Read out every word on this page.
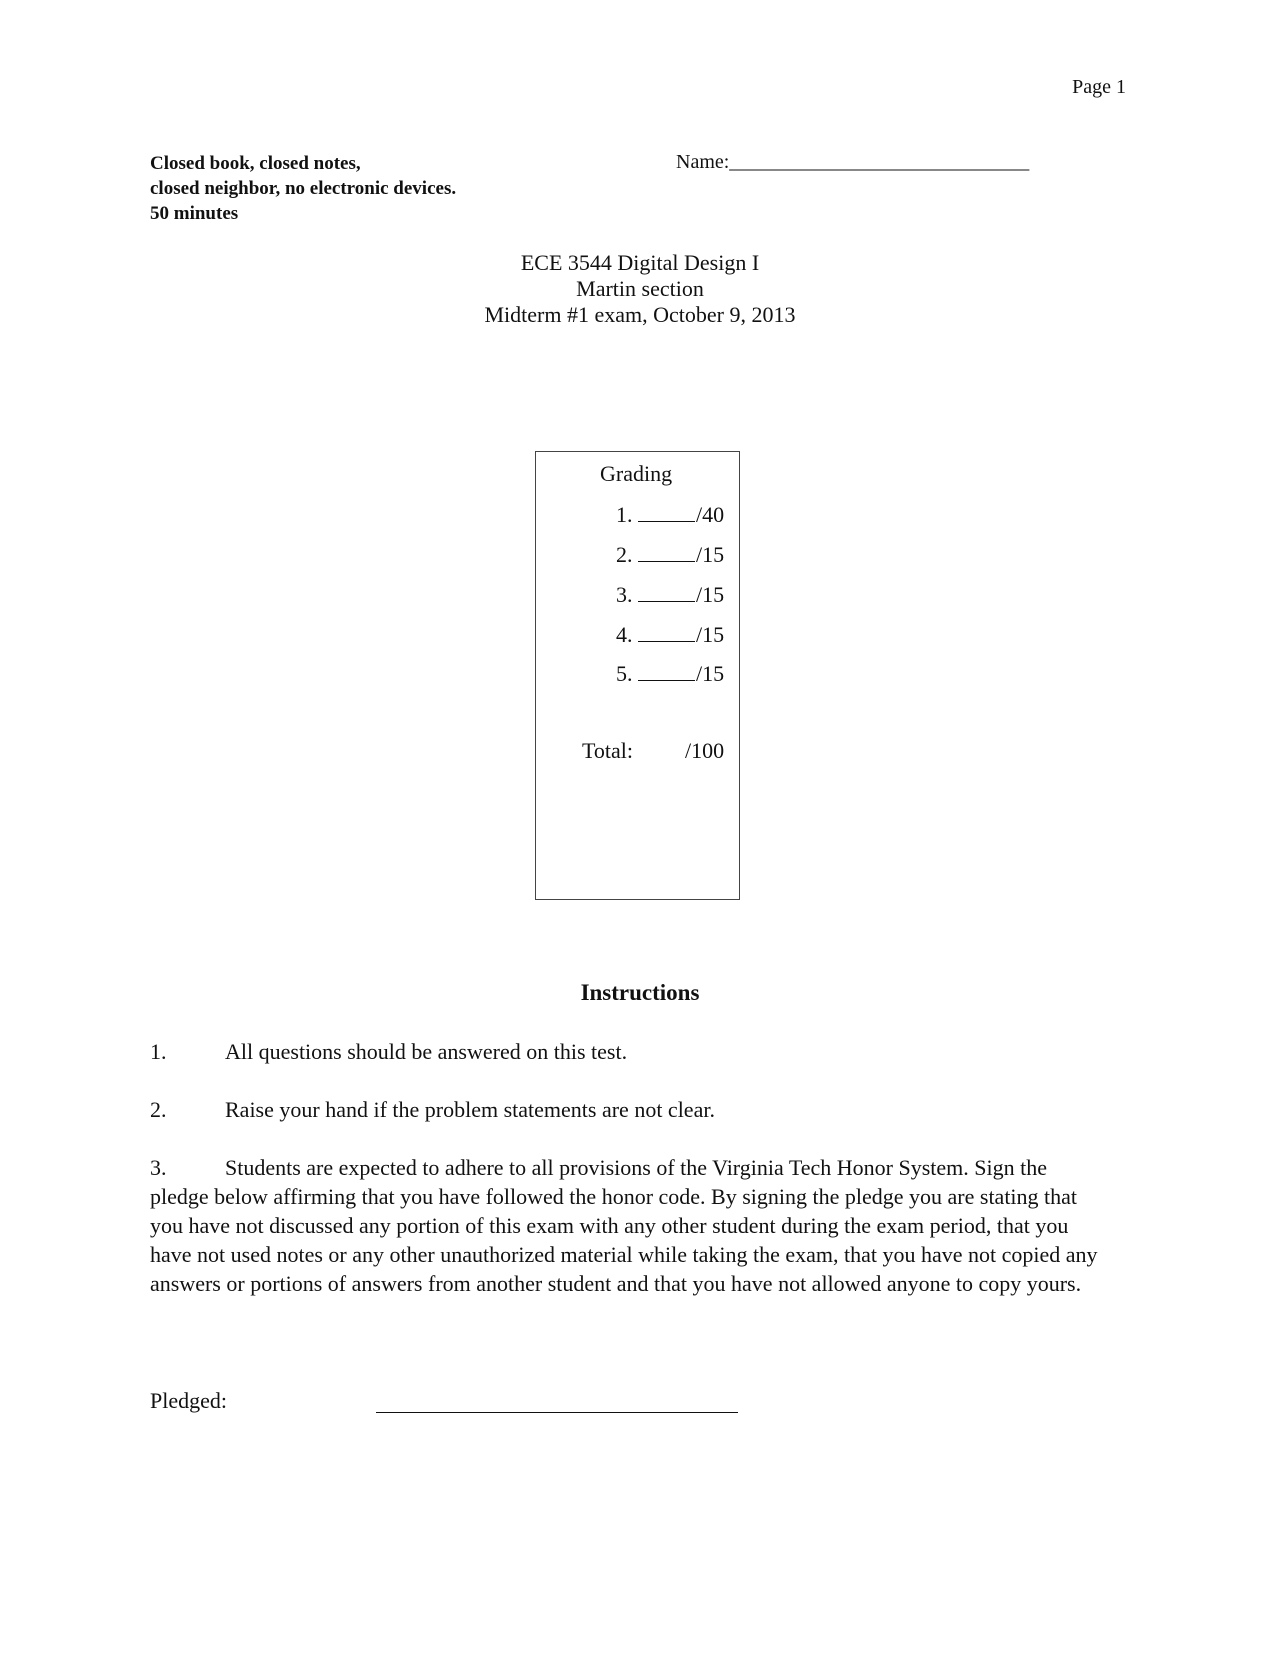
Page 1
Closed book, closed notes,
closed neighbor, no electronic devices.
50 minutes
Name:______________________________
ECE 3544 Digital Design I
Martin section
Midterm #1 exam, October 9, 2013
Grading
1.	/40
2.	/15
3.	/15
4.	/15
5.	/15
Total: /100
Instructions
1.	All questions should be answered on this test.
2.	Raise your hand if the problem statements are not clear.
3.	Students are expected to adhere to all provisions of the Virginia Tech Honor System. Sign the pledge below affirming that you have followed the honor code. By signing the pledge you are stating that you have not discussed any portion of this exam with any other student during the exam period, that you have not used notes or any other unauthorized material while taking the exam, that you have not copied any answers or portions of answers from another student and that you have not allowed anyone to copy yours.
Pledged:
